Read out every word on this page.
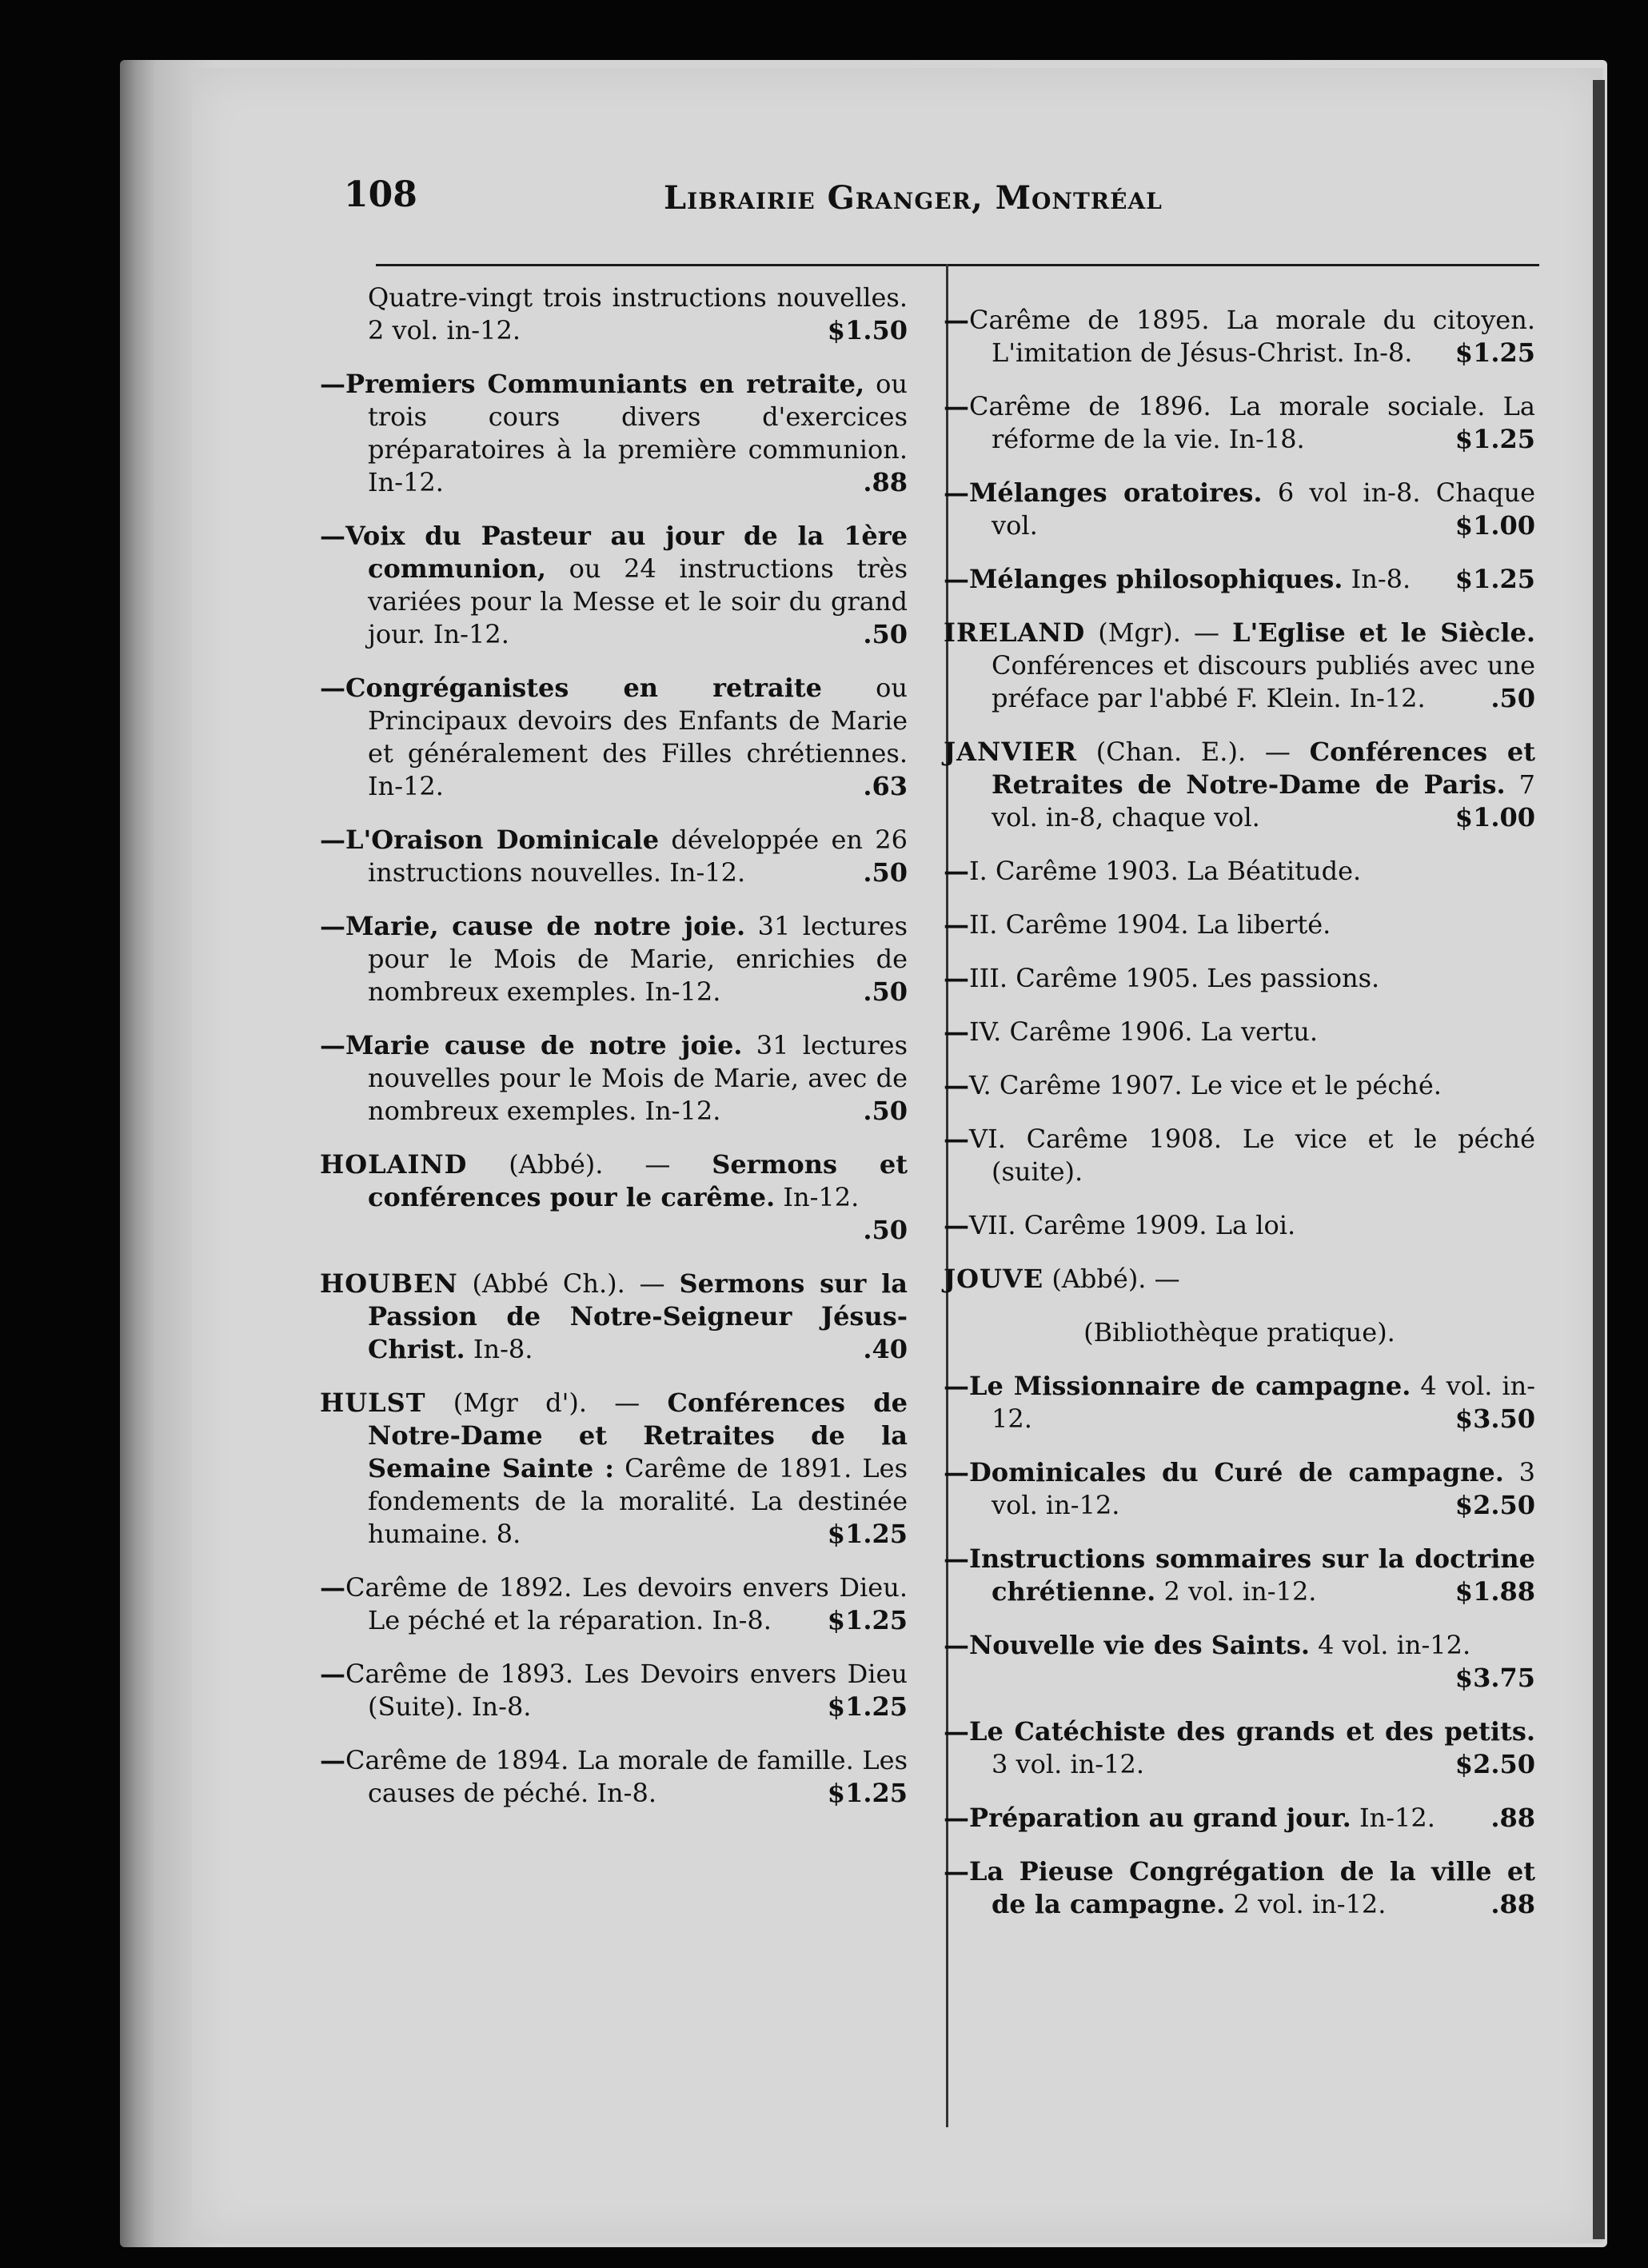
108	Librairie Granger, Montréal
Quatre-vingt trois instructions nouvelles. 2 vol. in-12.	$1.50
—Premiers Communiants en retraite, ou trois cours divers d'exercices préparatoires à la première communion. In-12.	.88
—Voix du Pasteur au jour de la 1ère communion, ou 24 instructions très variées pour la Messe et le soir du grand jour. In-12.	.50
—Congréganistes en retraite ou Principaux devoirs des Enfants de Marie et généralement des Filles chrétiennes. In-12.	.63
—L'Oraison Dominicale développée en 26 instructions nouvelles. In-12.	.50
—Marie, cause de notre joie. 31 lectures pour le Mois de Marie, enrichies de nombreux exemples. In-12.	.50
—Marie cause de notre joie. 31 lectures nouvelles pour le Mois de Marie, avec de nombreux exemples. In-12.	.50
HOLAIND (Abbé). — Sermons et conférences pour le carême. In-12.
.50
HOUBEN (Abbé Ch.). — Sermons sur la Passion de Notre-Seigneur Jésus-Christ. In-8.	.40
HULST (Mgr d'). — Conférences de Notre-Dame et Retraites de la Semaine Sainte : Carême de 1891. Les fondements de la moralité. La destinée humaine. 8.	$1.25
—Carême de 1892. Les devoirs envers Dieu. Le péché et la réparation. In-8. $1.25
—Carême de 1893. Les Devoirs envers Dieu (Suite). In-8.	$1.25
—Carême de 1894. La morale de famille. Les causes de péché. In-8.	$1.25
—Carême de 1895. La morale du citoyen. L'imitation de Jésus-Christ. In-8. $1.25
—Carême de 1896. La morale sociale. La réforme de la vie. In-18.	$1.25
—Mélanges oratoires. 6 vol in-8. Chaque vol.	$1.00
—Mélanges philosophiques. In-8. $1.25
IRELAND (Mgr). — L'Eglise et le Siècle. Conférences et discours publiés avec une préface par l'abbé F. Klein. In-12.	.50
JANVIER (Chan. E.). — Conférences et Retraites de Notre-Dame de Paris. 7 vol. in-8, chaque vol.	$1.00
—I. Carême 1903. La Béatitude.
—II. Carême 1904. La liberté.
—III. Carême 1905. Les passions.
—IV. Carême 1906. La vertu.
—V. Carême 1907. Le vice et le péché.
—VI. Carême 1908. Le vice et le péché (suite).
—VII. Carême 1909. La loi.
JOUVE (Abbé). —
(Bibliothèque pratique).
—Le Missionnaire de campagne. 4 vol. in-12.	$3.50
—Dominicales du Curé de campagne. 3 vol. in-12.	$2.50
—Instructions sommaires sur la doctrine chrétienne. 2 vol. in-12.	$1.88
—Nouvelle vie des Saints. 4 vol. in-12.
$3.75
—Le Catéchiste des grands et des petits. 3 vol. in-12.	$2.50
—Préparation au grand jour. In-12. .88
—La Pieuse Congrégation de la ville et de la campagne. 2 vol. in-12.	.88
